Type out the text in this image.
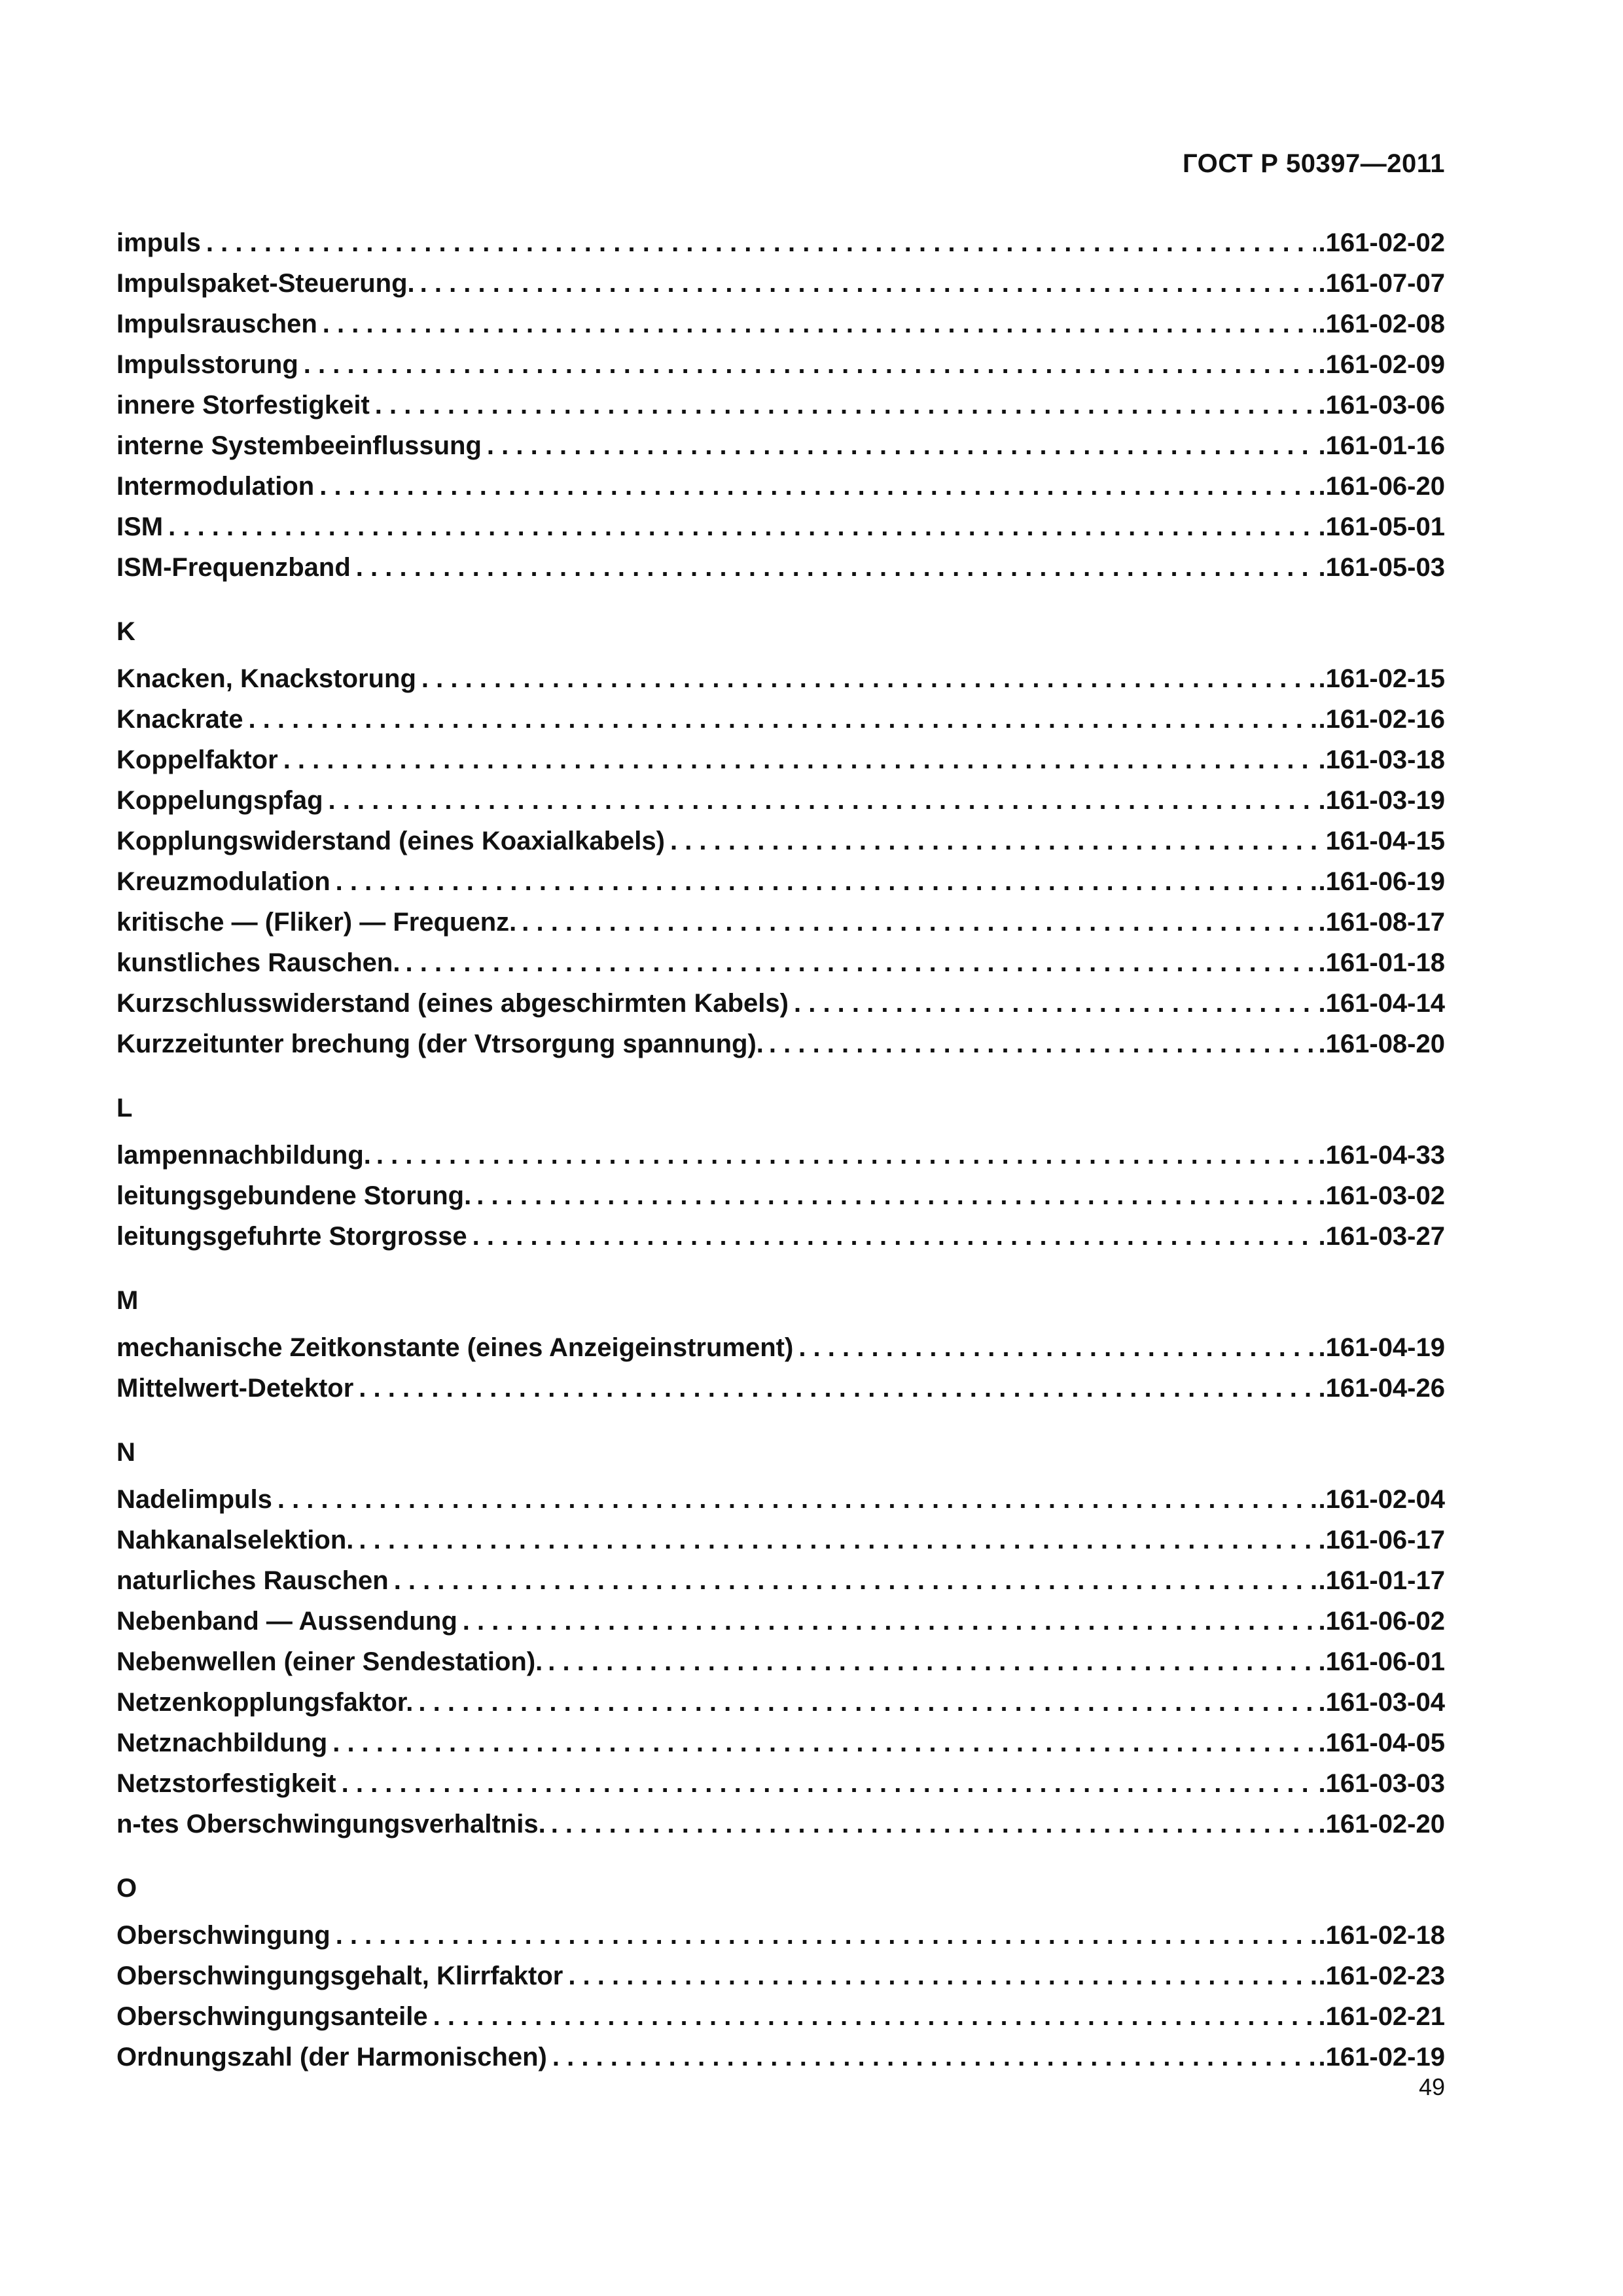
ГОСТ Р 50397—2011
impuls . . .	.161-02-02
Impulspaket-Steuerung. . . .	.161-07-07
Impulsrauschen . . .	.161-02-08
Impulsstorung . . .	.161-02-09
innere Storfestigkeit . . .	.161-03-06
interne Systembeeinflussung . . .	.161-01-16
Intermodulation . . .	.161-06-20
ISM . . .	.161-05-01
ISM-Frequenzband . . .	.161-05-03
K
Knacken, Knackstorung . . .	.161-02-15
Knackrate . . .	.161-02-16
Koppelfaktor . . .	.161-03-18
Koppelungspfag . . .	.161-03-19
Kopplungswiderstand (eines Koaxialkabels) . . .	161-04-15
Kreuzmodulation . . .	.161-06-19
kritische — (Fliker) — Frequenz. . . .	.161-08-17
kunstliches Rauschen. . . .	.161-01-18
Kurzschlusswiderstand (eines abgeschirmten Kabels) . . .	.161-04-14
Kurzzeitunter brechung (der Vtrsorgung spannung). . . .	.161-08-20
L
lampennachbildung. . . .	.161-04-33
leitungsgebundene Storung. . . .	.161-03-02
leitungsgefuhrte Storgrosse . . .	.161-03-27
M
mechanische Zeitkonstante (eines Anzeigeinstrument) . . .	.161-04-19
Mittelwert-Detektor . . .	.161-04-26
N
Nadelimpuls . . .	.161-02-04
Nahkanalselektion. . . .	.161-06-17
naturliches Rauschen . . .	.161-01-17
Nebenband — Aussendung . . .	.161-06-02
Nebenwellen (einer Sendestation). . . .	.161-06-01
Netzenkopplungsfaktor. . . .	.161-03-04
Netznachbildung . . .	.161-04-05
Netzstorfestigkeit . . .	.161-03-03
n-tes Oberschwingungsverhaltnis. . . .	.161-02-20
O
Oberschwingung . . .	.161-02-18
Oberschwingungsgehalt, Klirrfaktor . . .	.161-02-23
Oberschwingungsanteile . . .	.161-02-21
Ordnungszahl (der Harmonischen) . . .	.161-02-19
49
